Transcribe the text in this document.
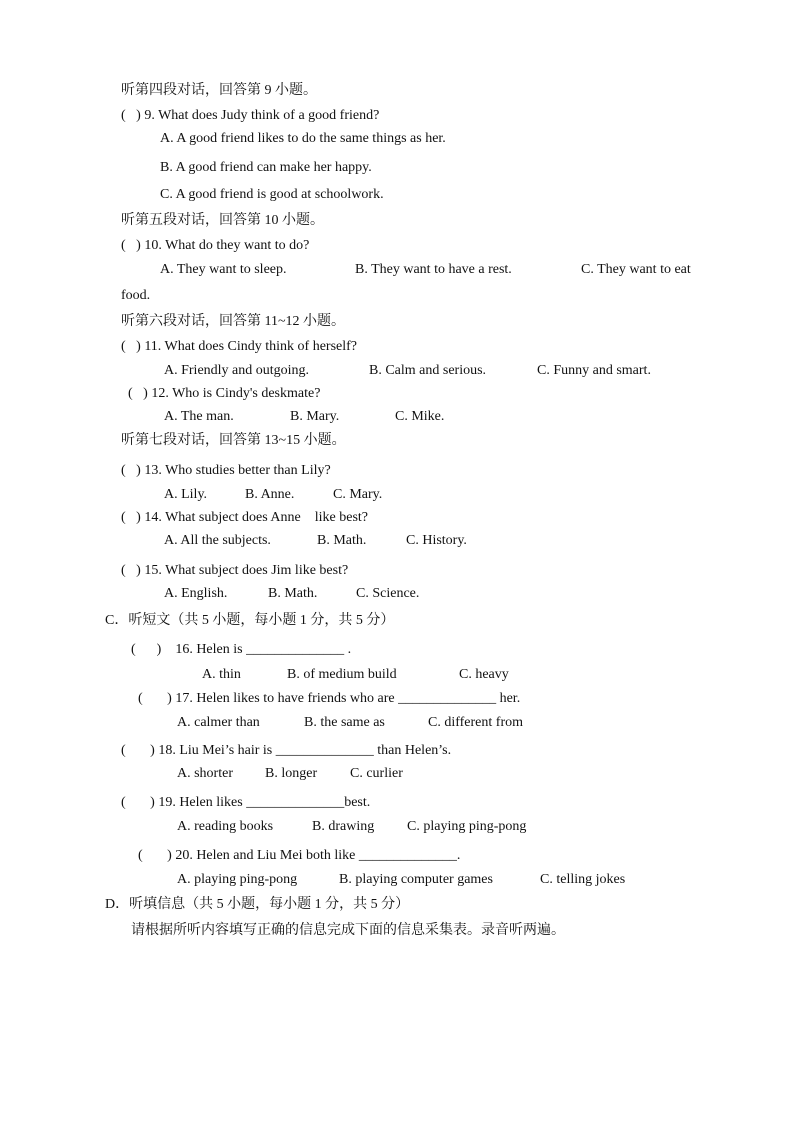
听第四段对话，回答第 9 小题。
(   ) 9. What does Judy think of a good friend?
A. A good friend likes to do the same things as her.
B. A good friend can make her happy.
C. A good friend is good at schoolwork.
听第五段对话，回答第 10 小题。
(   ) 10. What do they want to do?
A. They want to sleep.	B. They want to have a rest.	C. They want to eat
food.
听第六段对话，回答第 11~12 小题。
(   ) 11. What does Cindy think of herself?
A. Friendly and outgoing.	B. Calm and serious.	C. Funny and smart.
(   ) 12. Who is Cindy's deskmate?
A. The man.	B. Mary.	C. Mike.
听第七段对话，回答第 13~15 小题。
(   ) 13. Who studies better than Lily?
A. Lily.	B. Anne.	C. Mary.
(   ) 14. What subject does Anne    like best?
A. All the subjects.	B. Math.	C. History.
(   ) 15. What subject does Jim like best?
A. English.	B. Math.	C. Science.
C．听短文（共 5 小题，每小题 1 分，共 5 分）
(      )    16. Helen is ______________ .
A. thin	B. of medium build	C. heavy
(       ) 17. Helen likes to have friends who are ______________ her.
A. calmer than	B. the same as	C. different from
(       ) 18. Liu Mei’s hair is ______________ than Helen’s.
A. shorter B. longer C. curlier
(       ) 19. Helen likes ______________best.
A. reading books	B. drawing C. playing ping-pong
(       ) 20. Helen and Liu Mei both like ______________.
A. playing ping-pong	B. playing computer games	C. telling jokes
D．听填信息（共 5 小题，每小题 1 分，共 5 分）
请根据所听内容填写正确的信息完成下面的信息采集表。录音听两遍。
